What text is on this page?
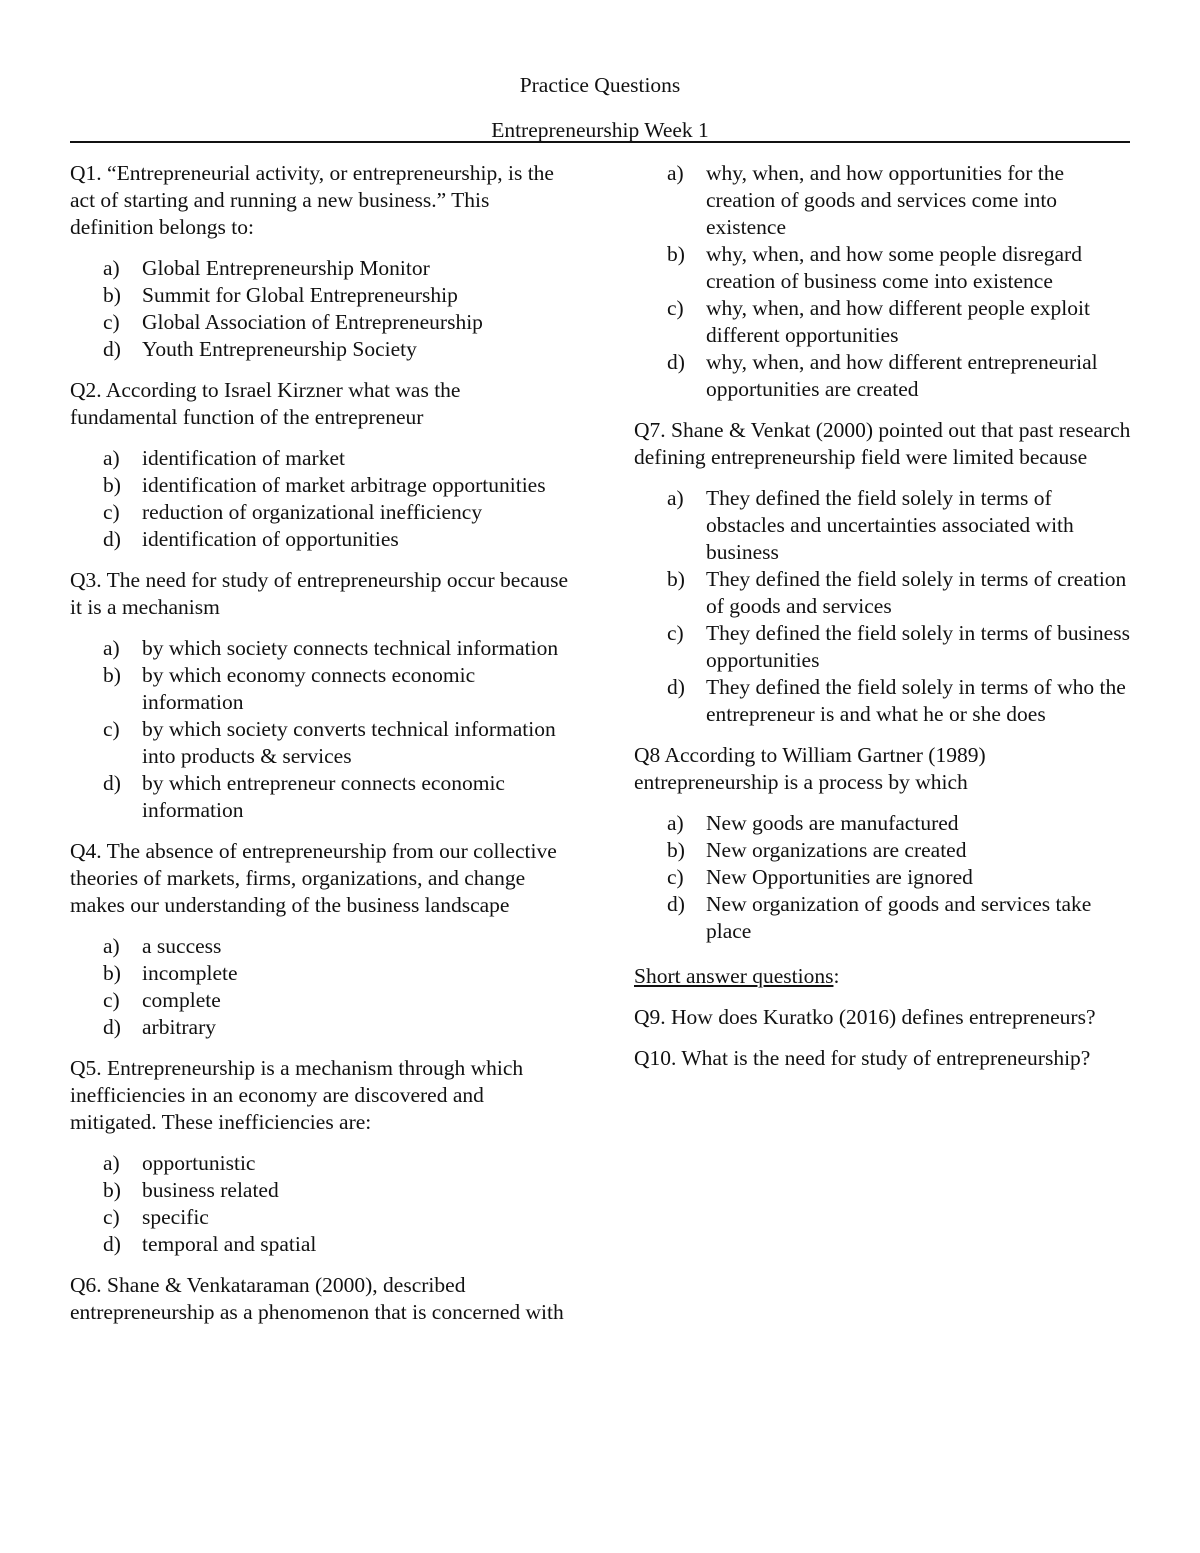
Practice Questions
Entrepreneurship Week 1

Q1. “Entrepreneurial activity, or entrepreneurship, is the act of starting and running a new business.” This definition belongs to:

a) Global Entrepreneurship Monitor
b) Summit for Global Entrepreneurship
c) Global Association of Entrepreneurship
d) Youth Entrepreneurship Society

Q2. According to Israel Kirzner what was the fundamental function of the entrepreneur

a) identification of market
b) identification of market arbitrage opportunities
c) reduction of organizational inefficiency
d) identification of opportunities

Q3. The need for study of entrepreneurship occur because it is a mechanism

a) by which society connects technical information
b) by which economy connects economic information
c) by which society converts technical information into products & services
d) by which entrepreneur connects economic information

Q4. The absence of entrepreneurship from our collective theories of markets, firms, organizations, and change makes our understanding of the business landscape

a) a success
b) incomplete
c) complete
d) arbitrary

Q5. Entrepreneurship is a mechanism through which inefficiencies in an economy are discovered and mitigated. These inefficiencies are:

a) opportunistic
b) business related
c) specific
d) temporal and spatial

Q6. Shane & Venkataraman (2000), described entrepreneurship as a phenomenon that is concerned with

a) why, when, and how opportunities for the creation of goods and services come into existence
b) why, when, and how some people disregard creation of business come into existence
c) why, when, and how different people exploit different opportunities
d) why, when, and how different entrepreneurial opportunities are created

Q7. Shane & Venkat (2000) pointed out that past research defining entrepreneurship field were limited because

a) They defined the field solely in terms of obstacles and uncertainties associated with business
b) They defined the field solely in terms of creation of goods and services
c) They defined the field solely in terms of business opportunities
d) They defined the field solely in terms of who the entrepreneur is and what he or she does

Q8 According to William Gartner (1989) entrepreneurship is a process by which

a) New goods are manufactured
b) New organizations are created
c) New Opportunities are ignored
d) New organization of goods and services take place
Short answer questions:

Q9. How does Kuratko (2016) defines entrepreneurs?

Q10. What is the need for study of entrepreneurship?
